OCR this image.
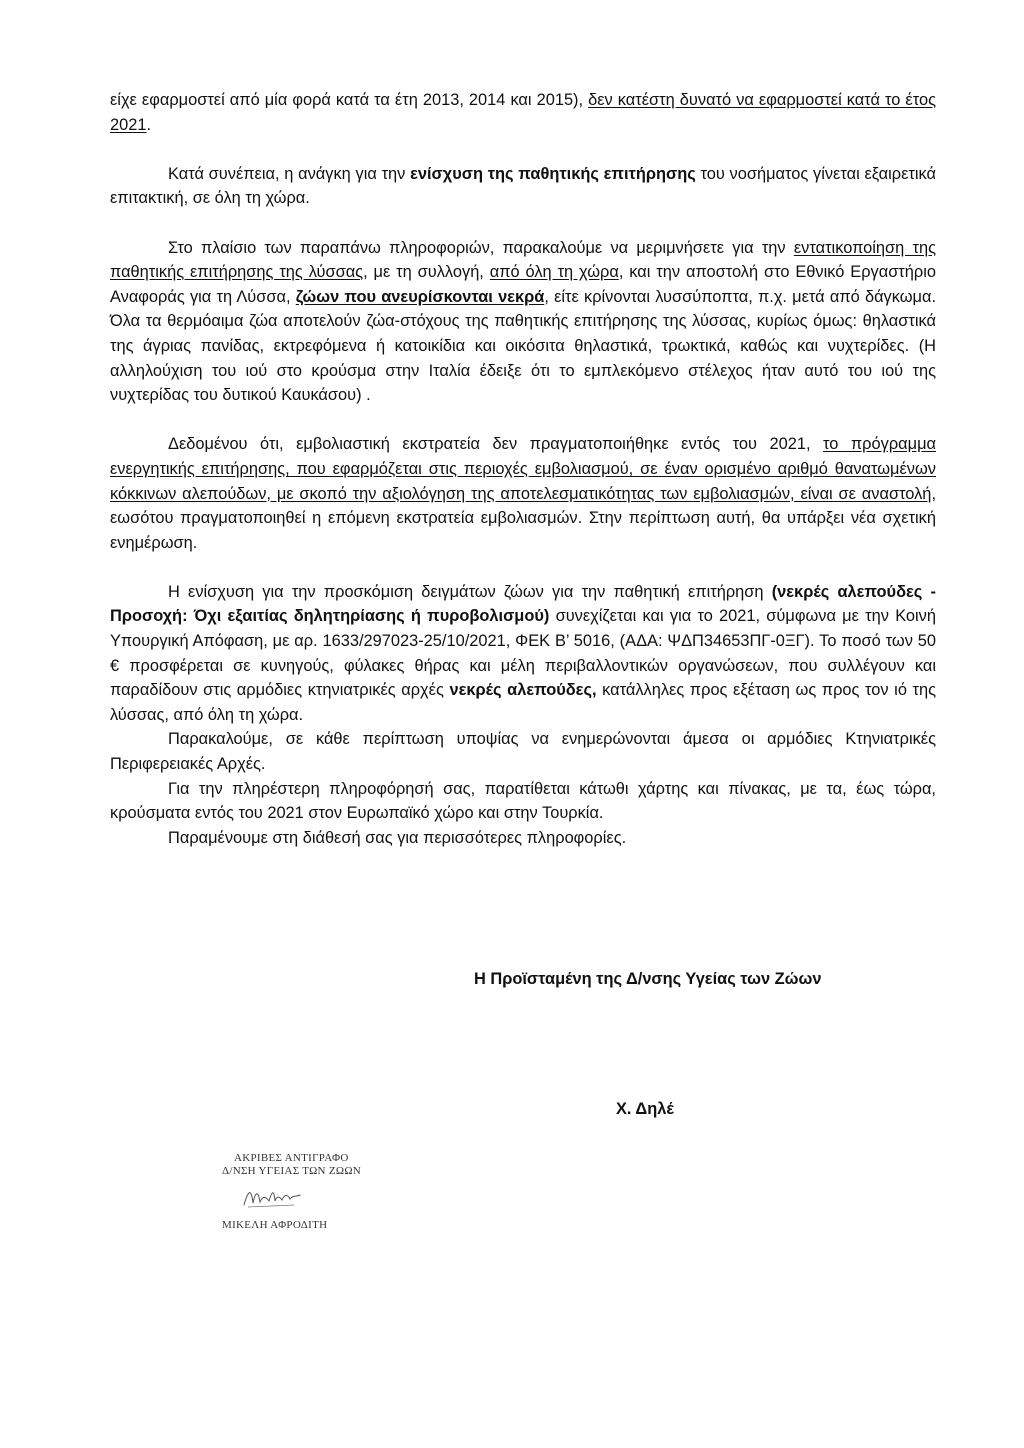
είχε εφαρμοστεί από μία φορά κατά τα έτη 2013, 2014 και 2015), δεν κατέστη δυνατό να εφαρμοστεί κατά το έτος 2021.

Κατά συνέπεια, η ανάγκη για την ενίσχυση της παθητικής επιτήρησης του νοσήματος γίνεται εξαιρετικά επιτακτική, σε όλη τη χώρα.

Στο πλαίσιο των παραπάνω πληροφοριών, παρακαλούμε να μεριμνήσετε για την εντατικοποίηση της παθητικής επιτήρησης της λύσσας, με τη συλλογή, από όλη τη χώρα, και την αποστολή στο Εθνικό Εργαστήριο Αναφοράς για τη Λύσσα, ζώων που ανευρίσκονται νεκρά, είτε κρίνονται λυσσύποπτα, π.χ. μετά από δάγκωμα. Όλα τα θερμόαιμα ζώα αποτελούν ζώα-στόχους της παθητικής επιτήρησης της λύσσας, κυρίως όμως: θηλαστικά της άγριας πανίδας, εκτρεφόμενα ή κατοικίδια και οικόσιτα θηλαστικά, τρωκτικά, καθώς και νυχτερίδες. (Η αλληλούχιση του ιού στο κρούσμα στην Ιταλία έδειξε ότι το εμπλεκόμενο στέλεχος ήταν αυτό του ιού της νυχτερίδας του δυτικού Καυκάσου) .

Δεδομένου ότι, εμβολιαστική εκστρατεία δεν πραγματοποιήθηκε εντός του 2021, το πρόγραμμα ενεργητικής επιτήρησης, που εφαρμόζεται στις περιοχές εμβολιασμού, σε έναν ορισμένο αριθμό θανατωμένων κόκκινων αλεπούδων, με σκοπό την αξιολόγηση της αποτελεσματικότητας των εμβολιασμών, είναι σε αναστολή, εωσότου πραγματοποιηθεί η επόμενη εκστρατεία εμβολιασμών. Στην περίπτωση αυτή, θα υπάρξει νέα σχετική ενημέρωση.

Η ενίσχυση για την προσκόμιση δειγμάτων ζώων για την παθητική επιτήρηση (νεκρές αλεπούδες - Προσοχή: Όχι εξαιτίας δηλητηρίασης ή πυροβολισμού) συνεχίζεται και για το 2021, σύμφωνα με την Κοινή Υπουργική Απόφαση, με αρ. 1633/297023-25/10/2021, ΦΕΚ Β’ 5016, (ΑΔΑ: ΨΔΠ34653ΠΓ-0ΞΓ). Το ποσό των 50 € προσφέρεται σε κυνηγούς, φύλακες θήρας και μέλη περιβαλλοντικών οργανώσεων, που συλλέγουν και παραδίδουν στις αρμόδιες κτηνιατρικές αρχές νεκρές αλεπούδες, κατάλληλες προς εξέταση ως προς τον ιό της λύσσας, από όλη τη χώρα.

Παρακαλούμε, σε κάθε περίπτωση υποψίας να ενημερώνονται άμεσα οι αρμόδιες Κτηνιατρικές Περιφερειακές Αρχές.

Για την πληρέστερη πληροφόρησή σας, παρατίθεται κάτωθι χάρτης και πίνακας, με τα, έως τώρα, κρούσματα εντός του 2021 στον Ευρωπαϊκό χώρο και στην Τουρκία.

Παραμένουμε στη διάθεσή σας για περισσότερες πληροφορίες.

Η Προϊσταμένη της Δ/νσης Υγείας των Ζώων
Χ. Δηλέ
ΑΚΡΙΒΕΣ ΑΝΤΙΓΡΑΦΟ
Δ/ΝΣΗ ΥΓΕΙΑΣ ΤΩΝ ΖΩΩΝ
ΜΙΚΕΛΗ ΑΦΡΟΔΙΤΗ
